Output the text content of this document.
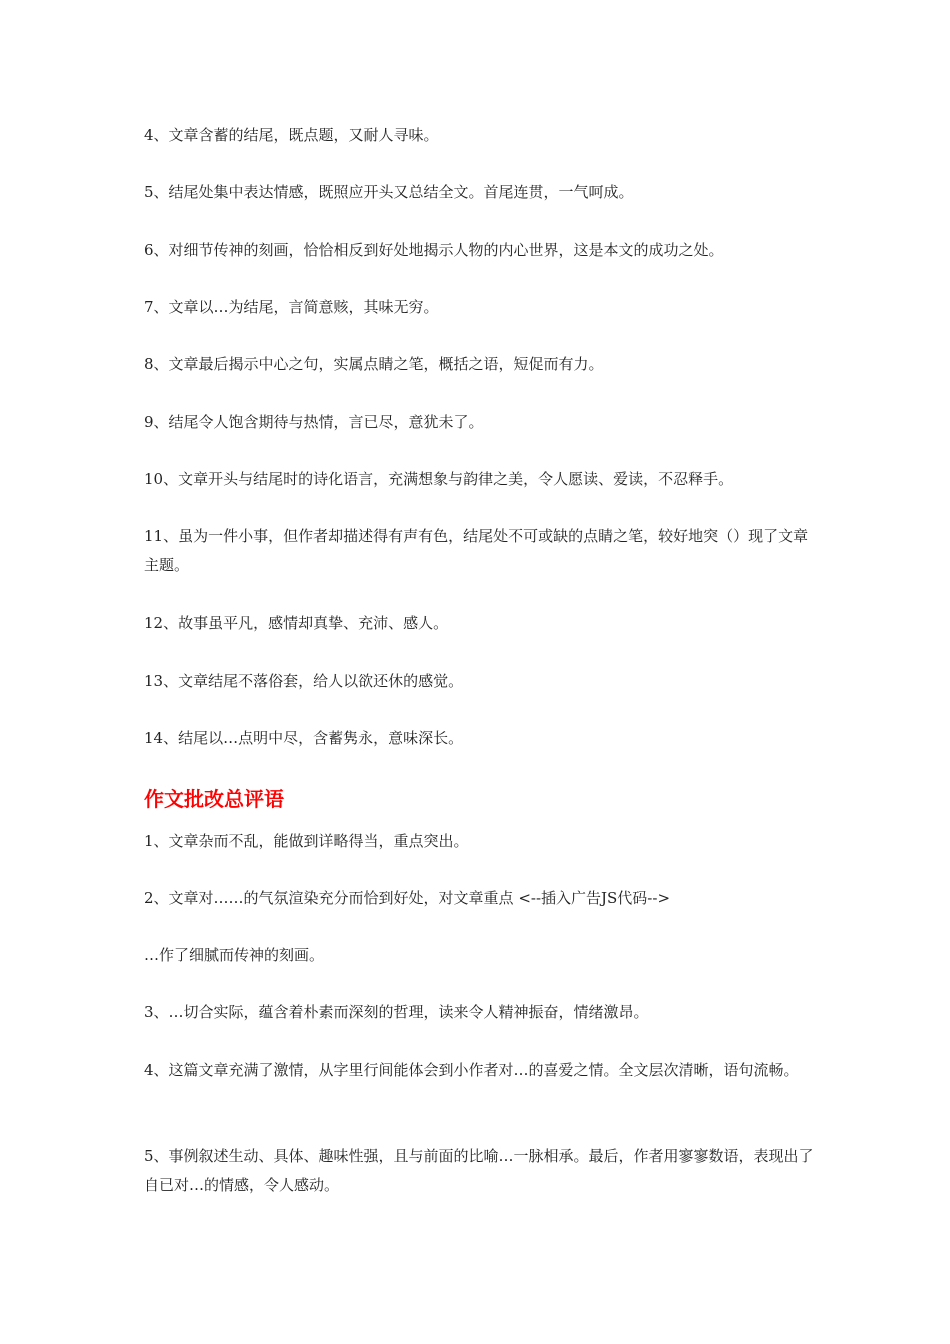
4、文章含蓄的结尾，既点题，又耐人寻味。

5、结尾处集中表达情感，既照应开头又总结全文。首尾连贯，一气呵成。

6、对细节传神的刻画，恰恰相反到好处地揭示人物的内心世界，这是本文的成功之处。

7、文章以…为结尾，言简意赅，其味无穷。

8、文章最后揭示中心之句，实属点睛之笔，概括之语，短促而有力。

9、结尾令人饱含期待与热情，言已尽，意犹未了。

10、文章开头与结尾时的诗化语言，充满想象与韵律之美，令人愿读、爱读，不忍释手。

11、虽为一件小事，但作者却描述得有声有色，结尾处不可或缺的点睛之笔，较好地突（）现了文章主题。

12、故事虽平凡，感情却真挚、充沛、感人。

13、文章结尾不落俗套，给人以欲还休的感觉。

14、结尾以…点明中尽，含蓄隽永，意味深长。

作文批改总评语

1、文章杂而不乱，能做到详略得当，重点突出。

2、文章对……的气氛渲染充分而恰到好处，对文章重点 <--插入广告JS代码-->

…作了细腻而传神的刻画。

3、…切合实际，蕴含着朴素而深刻的哲理，读来令人精神振奋，情绪激昂。

4、这篇文章充满了激情，从字里行间能体会到小作者对…的喜爱之情。全文层次清晰，语句流畅。

5、事例叙述生动、具体、趣味性强，且与前面的比喻…一脉相承。最后，作者用寥寥数语，表现出了自已对…的情感，令人感动。
